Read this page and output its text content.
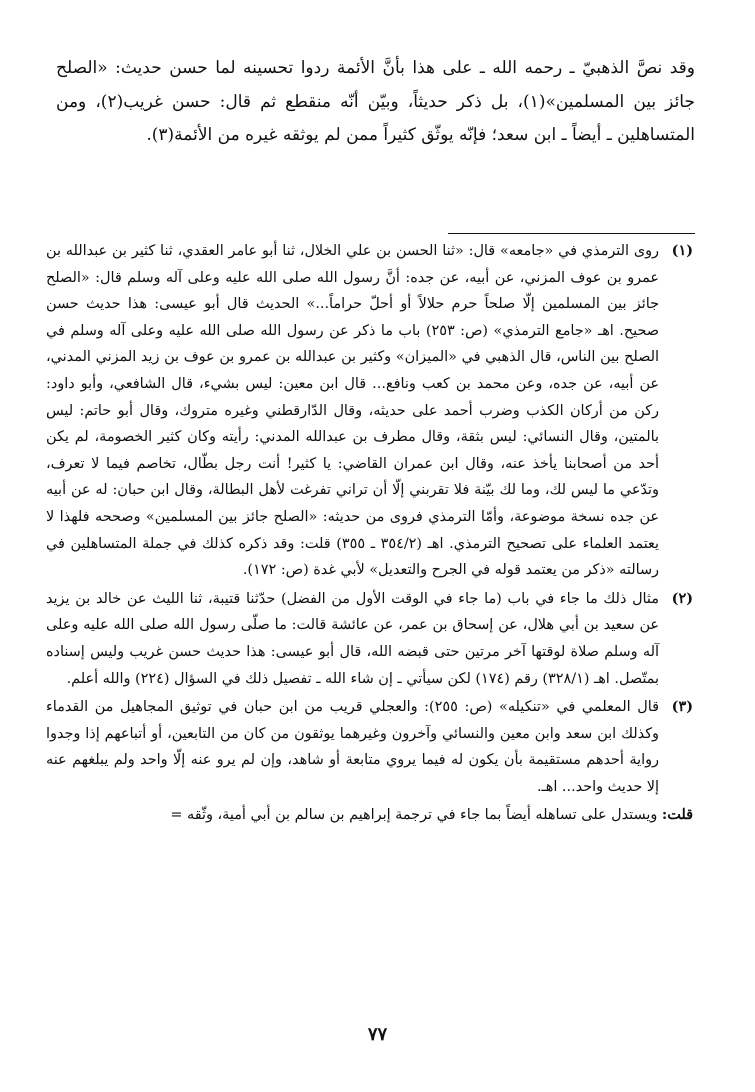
وقد نصَّ الذهبيّ ـ رحمه الله ـ على هذا بأنَّ الأئمة ردوا تحسينه لما حسن حديث: «الصلح جائز بين المسلمين»(١)، بل ذكر حديثاً، وبيّن أنّه منقطع ثم قال: حسن غريب(٢)، ومن المتساهلين ـ أيضاً ـ ابن سعد؛ فإنّه يوثّق كثيراً ممن لم يوثقه غيره من الأئمة(٣).

(١)
روى الترمذي في «جامعه» قال: «ثنا الحسن بن علي الخلال، ثنا أبو عامر العقدي، ثنا كثير بن عبدالله بن عمرو بن عوف المزني، عن أبيه، عن جده: أنَّ رسول الله صلى الله عليه وعلى آله وسلم قال: «الصلح جائز بين المسلمين إلّا صلحاً حرم حلالاً أو أحلّ حراماً...» الحديث قال أبو عيسى: هذا حديث حسن صحيح. اهـ «جامع الترمذي» (ص: ٢٥٣) باب ما ذكر عن رسول الله صلى الله عليه وعلى آله وسلم في الصلح بين الناس، قال الذهبي في «الميزان» وكثير بن عبدالله بن عمرو بن عوف بن زيد المزني المدني، عن أبيه، عن جده، وعن محمد بن كعب ونافع... قال ابن معين: ليس بشيء، قال الشافعي، وأبو داود: ركن من أركان الكذب وضرب أحمد على حديثه، وقال الدّارقطني وغيره متروك، وقال أبو حاتم: ليس بالمتين، وقال النسائي: ليس بثقة، وقال مطرف بن عبدالله المدني: رأيته وكان كثير الخصومة، لم يكن أحد من أصحابنا يأخذ عنه، وقال ابن عمران القاضي: يا كثير! أنت رجل بطّال، تخاصم فيما لا تعرف، وتدّعي ما ليس لك، وما لك بيّنة فلا تقربني إلّا أن تراني تفرغت لأهل البطالة، وقال ابن حبان: له عن أبيه عن جده نسخة موضوعة، وأمّا الترمذي فروى من حديثه: «الصلح جائز بين المسلمين» وصححه فلهذا لا يعتمد العلماء على تصحيح الترمذي. اهـ (٣٥٤/٢ ـ ٣٥٥) قلت: وقد ذكره كذلك في جملة المتساهلين في رسالته «ذكر من يعتمد قوله في الجرح والتعديل» لأبي غدة (ص: ١٧٢).
(٢)
مثال ذلك ما جاء في باب (ما جاء في الوقت الأول من الفضل) حدّثنا قتيبة، ثنا الليث عن خالد بن يزيد عن سعيد بن أبي هلال، عن إسحاق بن عمر، عن عائشة قالت: ما صلّى رسول الله صلى الله عليه وعلى آله وسلم صلاة لوقتها آخر مرتين حتى قبضه الله، قال أبو عيسى: هذا حديث حسن غريب وليس إسناده بمتّصل. اهـ (٣٢٨/١) رقم (١٧٤) لكن سيأتي ـ إن شاء الله ـ تفصيل ذلك في السؤال (٢٢٤) والله أعلم.
(٣)
قال المعلمي في «تنكيله» (ص: ٢٥٥): والعجلي قريب من ابن حبان في توثيق المجاهيل من القدماء وكذلك ابن سعد وابن معين والنسائي وآخرون وغيرهما يوثقون من كان من التابعين، أو أتباعهم إذا وجدوا رواية أحدهم مستقيمة بأن يكون له فيما يروي متابعة أو شاهد، وإن لم يرو عنه إلّا واحد ولم يبلغهم عنه إلا حديث واحد... اهـ.

قلت: ويستدل على تساهله أيضاً بما جاء في ترجمة إبراهيم بن سالم بن أبي أمية، وثّقه =

٧٧
